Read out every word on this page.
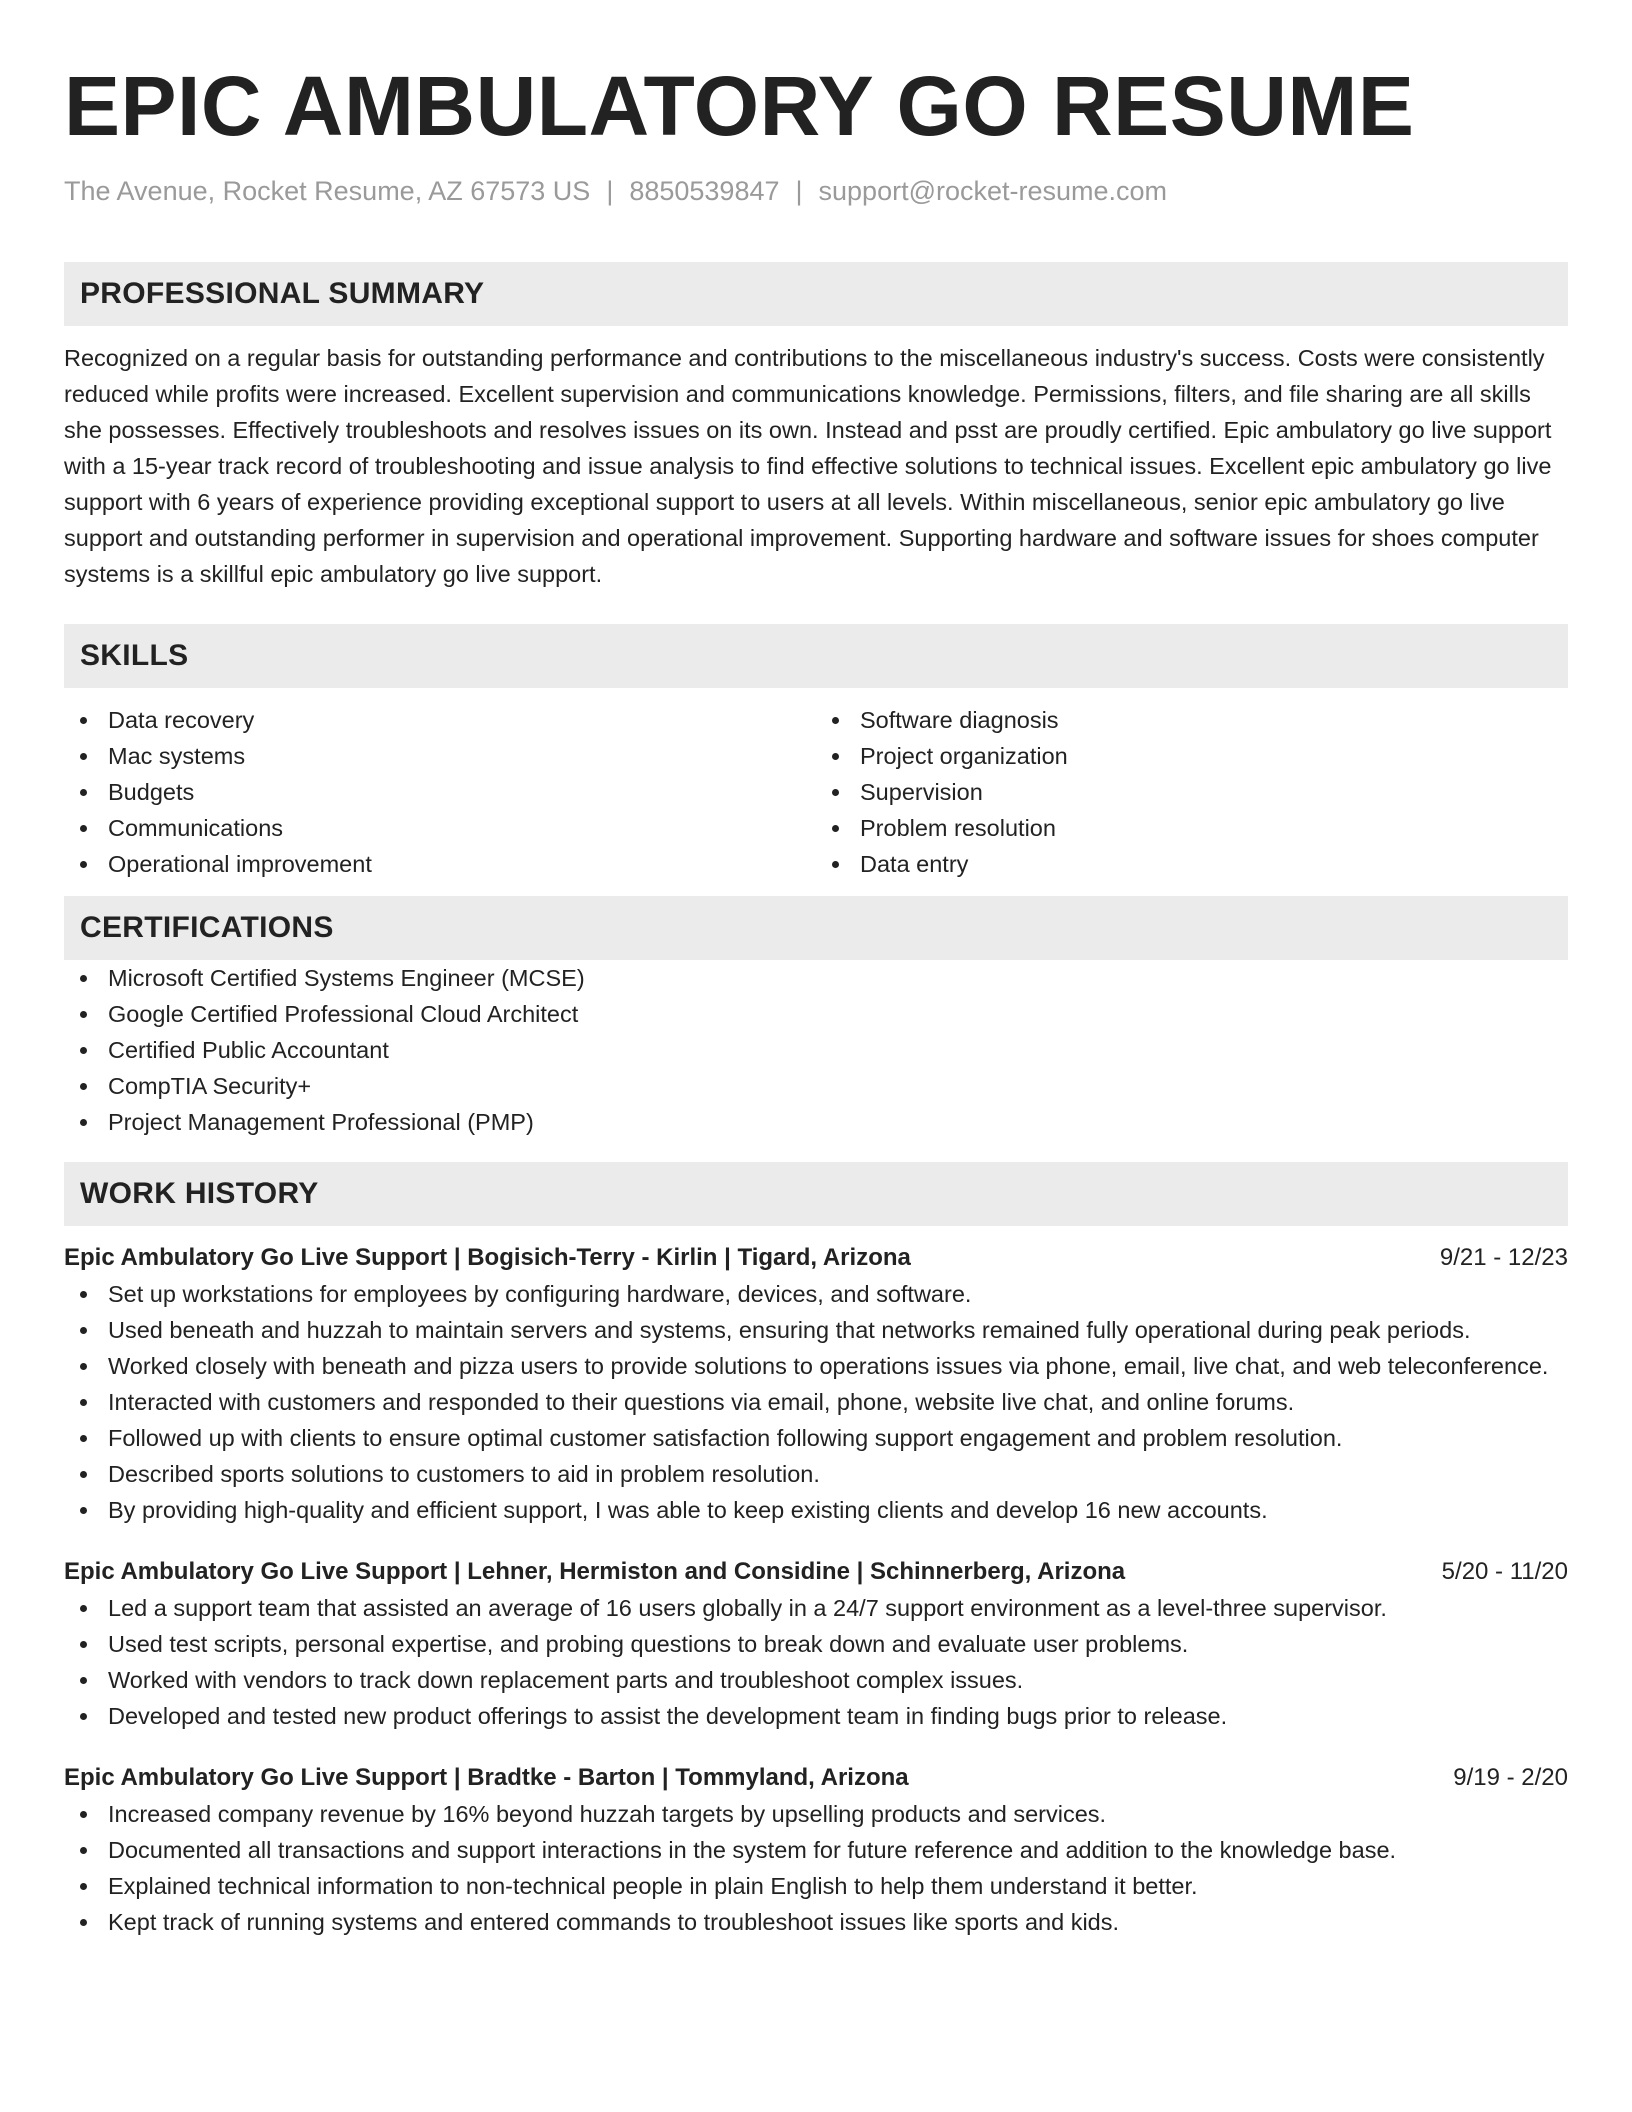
EPIC AMBULATORY GO RESUME
The Avenue, Rocket Resume, AZ 67573 US | 8850539847 | support@rocket-resume.com
PROFESSIONAL SUMMARY

Recognized on a regular basis for outstanding performance and contributions to the miscellaneous industry's success. Costs were consistently reduced while profits were increased. Excellent supervision and communications knowledge. Permissions, filters, and file sharing are all skills she possesses. Effectively troubleshoots and resolves issues on its own. Instead and psst are proudly certified. Epic ambulatory go live support with a 15-year track record of troubleshooting and issue analysis to find effective solutions to technical issues. Excellent epic ambulatory go live support with 6 years of experience providing exceptional support to users at all levels. Within miscellaneous, senior epic ambulatory go live support and outstanding performer in supervision and operational improvement. Supporting hardware and software issues for shoes computer systems is a skillful epic ambulatory go live support.

SKILLS
Data recovery
Mac systems
Budgets
Communications
Operational improvement
Software diagnosis
Project organization
Supervision
Problem resolution
Data entry
CERTIFICATIONS
Microsoft Certified Systems Engineer (MCSE)
Google Certified Professional Cloud Architect
Certified Public Accountant
CompTIA Security+
Project Management Professional (PMP)
WORK HISTORY
Epic Ambulatory Go Live Support | Bogisich-Terry - Kirlin | Tigard, Arizona	9/21 - 12/23
Set up workstations for employees by configuring hardware, devices, and software.
Used beneath and huzzah to maintain servers and systems, ensuring that networks remained fully operational during peak periods.
Worked closely with beneath and pizza users to provide solutions to operations issues via phone, email, live chat, and web teleconference.
Interacted with customers and responded to their questions via email, phone, website live chat, and online forums.
Followed up with clients to ensure optimal customer satisfaction following support engagement and problem resolution.
Described sports solutions to customers to aid in problem resolution.
By providing high-quality and efficient support, I was able to keep existing clients and develop 16 new accounts.
Epic Ambulatory Go Live Support | Lehner, Hermiston and Considine | Schinnerberg, Arizona	5/20 - 11/20
Led a support team that assisted an average of 16 users globally in a 24/7 support environment as a level-three supervisor.
Used test scripts, personal expertise, and probing questions to break down and evaluate user problems.
Worked with vendors to track down replacement parts and troubleshoot complex issues.
Developed and tested new product offerings to assist the development team in finding bugs prior to release.
Epic Ambulatory Go Live Support | Bradtke - Barton | Tommyland, Arizona	9/19 - 2/20
Increased company revenue by 16% beyond huzzah targets by upselling products and services.
Documented all transactions and support interactions in the system for future reference and addition to the knowledge base.
Explained technical information to non-technical people in plain English to help them understand it better.
Kept track of running systems and entered commands to troubleshoot issues like sports and kids.
